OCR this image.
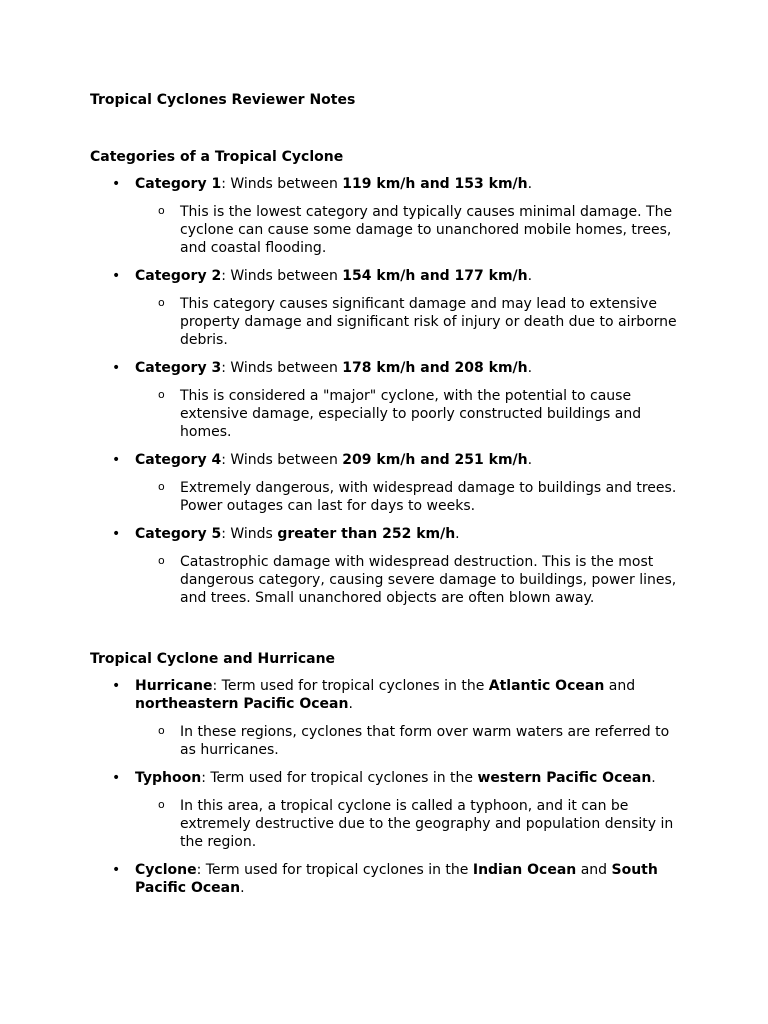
Tropical Cyclones Reviewer Notes

Categories of a Tropical Cyclone

• Category 1: Winds between 119 km/h and 153 km/h.
o This is the lowest category and typically causes minimal damage. The cyclone can cause some damage to unanchored mobile homes, trees, and coastal flooding.
• Category 2: Winds between 154 km/h and 177 km/h.
o This category causes significant damage and may lead to extensive property damage and significant risk of injury or death due to airborne debris.
• Category 3: Winds between 178 km/h and 208 km/h.
o This is considered a "major" cyclone, with the potential to cause extensive damage, especially to poorly constructed buildings and homes.
• Category 4: Winds between 209 km/h and 251 km/h.
o Extremely dangerous, with widespread damage to buildings and trees. Power outages can last for days to weeks.
• Category 5: Winds greater than 252 km/h.
o Catastrophic damage with widespread destruction. This is the most dangerous category, causing severe damage to buildings, power lines, and trees. Small unanchored objects are often blown away.

Tropical Cyclone and Hurricane

• Hurricane: Term used for tropical cyclones in the Atlantic Ocean and northeastern Pacific Ocean.
o In these regions, cyclones that form over warm waters are referred to as hurricanes.
• Typhoon: Term used for tropical cyclones in the western Pacific Ocean.
o In this area, a tropical cyclone is called a typhoon, and it can be extremely destructive due to the geography and population density in the region.
• Cyclone: Term used for tropical cyclones in the Indian Ocean and South Pacific Ocean.
